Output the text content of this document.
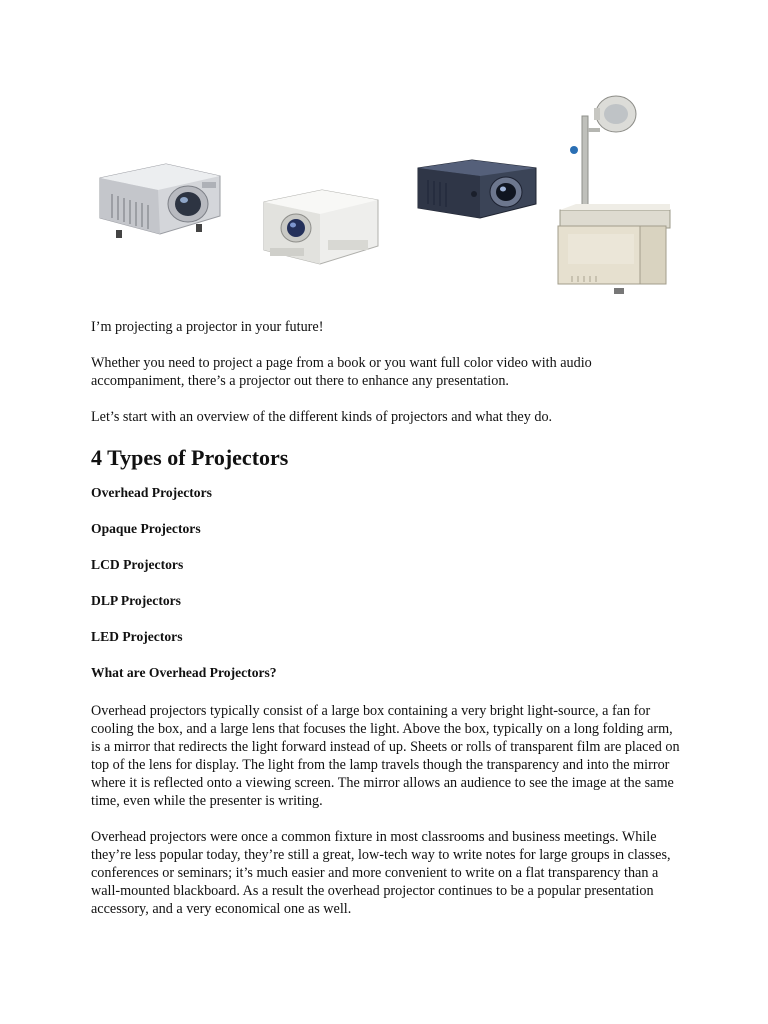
I’m projecting a projector in your future!

Whether you need to project a page from a book or you want full color video with audio accompaniment, there’s a projector out there to enhance any presentation.

Let’s start with an overview of the different kinds of projectors and what they do.

4 Types of Projectors

Overhead Projectors

Opaque Projectors

LCD Projectors

DLP Projectors

LED Projectors

What are Overhead Projectors?

Overhead projectors typically consist of a large box containing a very bright light-source, a fan for cooling the box, and a large lens that focuses the light. Above the box, typically on a long folding arm, is a mirror that redirects the light forward instead of up. Sheets or rolls of transparent film are placed on top of the lens for display. The light from the lamp travels though the transparency and into the mirror where it is reflected onto a viewing screen. The mirror allows an audience to see the image at the same time, even while the presenter is writing.

Overhead projectors were once a common fixture in most classrooms and business meetings. While they’re less popular today, they’re still a great, low-tech way to write notes for large groups in classes, conferences or seminars; it’s much easier and more convenient to write on a flat transparency than a wall-mounted blackboard. As a result the overhead projector continues to be a popular presentation accessory, and a very economical one as well.
